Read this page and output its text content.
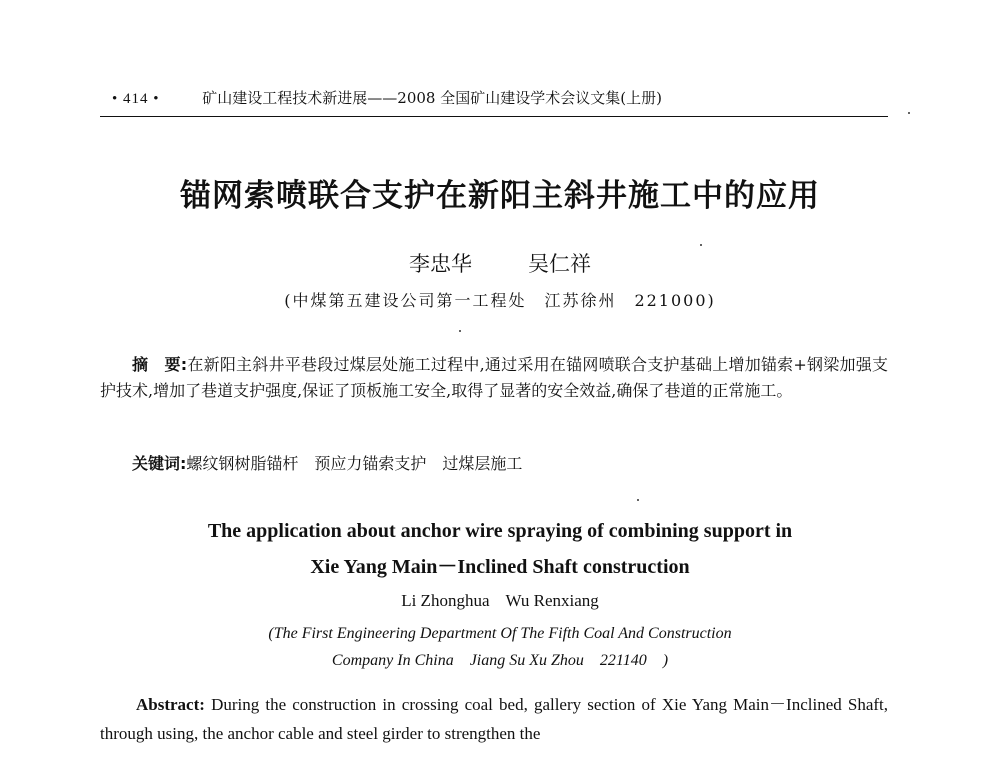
• 414 •	矿山建设工程技术新进展——2008 全国矿山建设学术会议文集(上册)
锚网索喷联合支护在新阳主斜井施工中的应用
李忠华	吴仁祥
(中煤第五建设公司第一工程处　江苏徐州　221000)
摘　要:在新阳主斜井平巷段过煤层处施工过程中,通过采用在锚网喷联合支护基础上增加锚索+钢梁加强支护技术,增加了巷道支护强度,保证了顶板施工安全,取得了显著的安全效益,确保了巷道的正常施工。
关键词:螺纹钢树脂锚杆　预应力锚索支护　过煤层施工
The application about anchor wire spraying of combining support in
Xie Yang Main－Inclined Shaft construction
Li Zhonghua Wu Renxiang
(The First Engineering Department Of The Fifth Coal And Construction
Company In China　Jiang Su Xu Zhou　221140　)
Abstract: During the construction in crossing coal bed, gallery section of Xie Yang Main－Inclined Shaft, through using, the anchor cable and steel girder to strengthen the
